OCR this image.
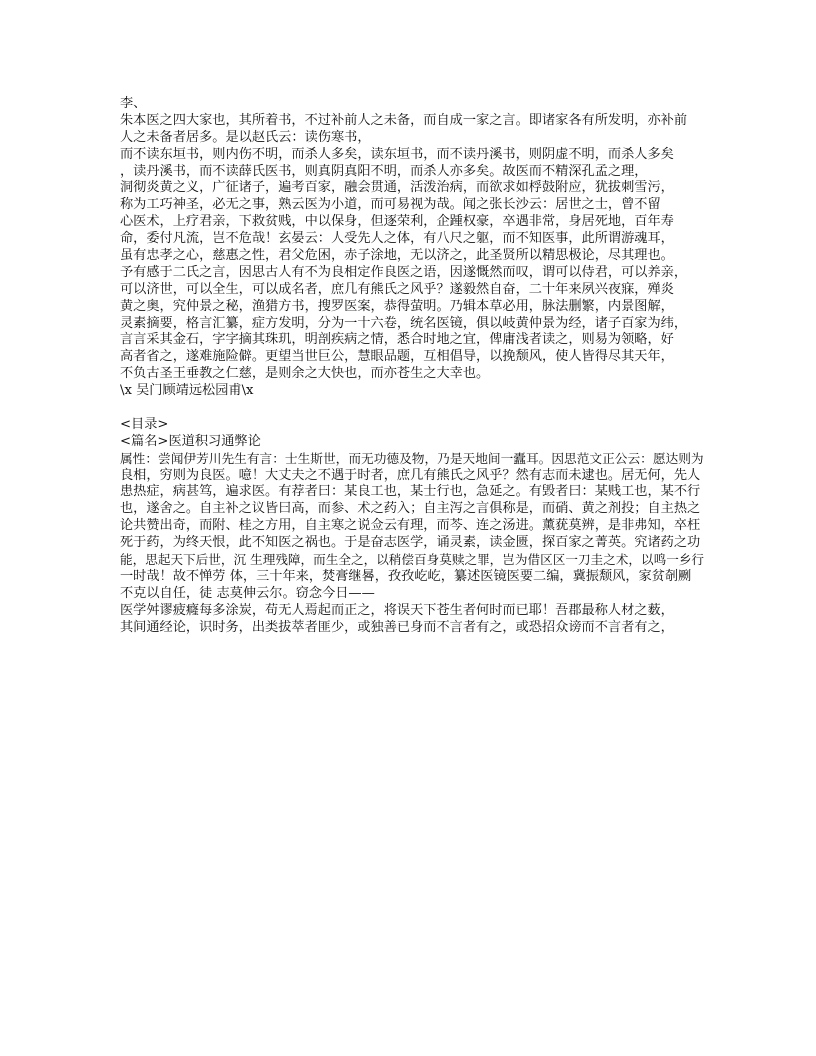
李、
朱本医之四大家也，其所着书，不过补前人之未备，而自成一家之言。即诸家各有所发明，亦补前
人之未备者居多。是以赵氏云：读伤寒书，
而不读东垣书，则内伤不明，而杀人多矣，读东垣书，而不读丹溪书，则阴虚不明，而杀人多矣
，读丹溪书，而不读薛氏医书，则真阴真阳不明，而杀人亦多矣。故医而不精深孔孟之理，
洞彻炎黄之义，广征诸子，遍考百家，融会贯通，活泼治病，而欲求如桴鼓附应，犹拔刺雪污，
称为工巧神圣，必无之事，熟云医为小道，而可易视为哉。闻之张长沙云：居世之士，曾不留
心医术，上疗君亲，下救贫贱，中以保身，但逐荣利，企踵权豪，卒遇非常，身居死地，百年寿
命，委付凡流，岂不危哉！玄晏云：人受先人之体，有八尺之躯，而不知医事，此所谓游魂耳，
虽有忠孝之心，慈惠之性，君父危困，赤子涂地，无以济之，此圣贤所以精思极论，尽其理也。
予有感于二氏之言，因思古人有不为良相定作良医之语，因遂慨然而叹，谓可以侍君，可以养亲，
可以济世，可以全生，可以成名者，庶几有熊氏之风乎？遂毅然自奋，二十年来夙兴夜寐，殚炎
黄之奥，究仲景之秘，渔猎方书，搜罗医案，恭得萤明。乃辑本草必用，脉法删繁，内景图解，
灵素摘要，格言汇纂，症方发明，分为一十六卷，统名医镜，俱以岐黄仲景为经，诸子百家为纬，
言言采其金石，字字摘其珠玑，明剖疾病之情，悉合时地之宜，俾庸浅者读之，则易为领略，好
高者省之，遂难施险僻。更望当世巨公，慧眼品题，互相倡导，以挽颓风，使人皆得尽其天年，
不负古圣王垂教之仁慈，是则余之大快也，而亦苍生之大幸也。
\x 吴门顾靖远松园甫\x
<目录>
<篇名>医道积习通弊论
属性：尝闻伊芳川先生有言：士生斯世，而无功德及物，乃是天地间一蠹耳。因思范文正公云：愿达则为
良相，穷则为良医。噫！大丈夫之不遇于时者，庶几有熊氏之风乎？然有志而未逮也。居无何，先人
患热症，病甚笃，遍求医。有荐者曰：某良工也，某士行也，急延之。有毁者曰：某贱工也，某不行
也，遂舍之。自主补之议皆曰高，而参、术之药入；自主泻之言俱称是，而硝、黄之剂投；自主热之
论共赞出奇，而附、桂之方用，自主寒之说佥云有理，而芩、连之汤进。薰莸莫辨，是非弗知，卒枉
死于药，为终天恨，此不知医之祸也。于是奋志医学，诵灵素，读金匮，探百家之菁英。究诸药之功
能，思起天下后世，沉 生理残障，而生全之，以稍偿百身莫赎之罪，岂为借区区一刀圭之术，以鸣一乡行
一时哉！故不惮劳 体，三十年来，焚膏继晷，孜孜屹屹，纂述医镜医要二编，冀振颓风，家贫剞劂
不克以自任，徒 志莫伸云尔。窃念今日——
医学舛谬疲癃每多涂炭，苟无人焉起而正之，将误天下苍生者何时而已耶！吾郡最称人材之薮，
其间通经论，识时务，出类拔萃者匪少，或独善已身而不言者有之，或恐招众谤而不言者有之，
